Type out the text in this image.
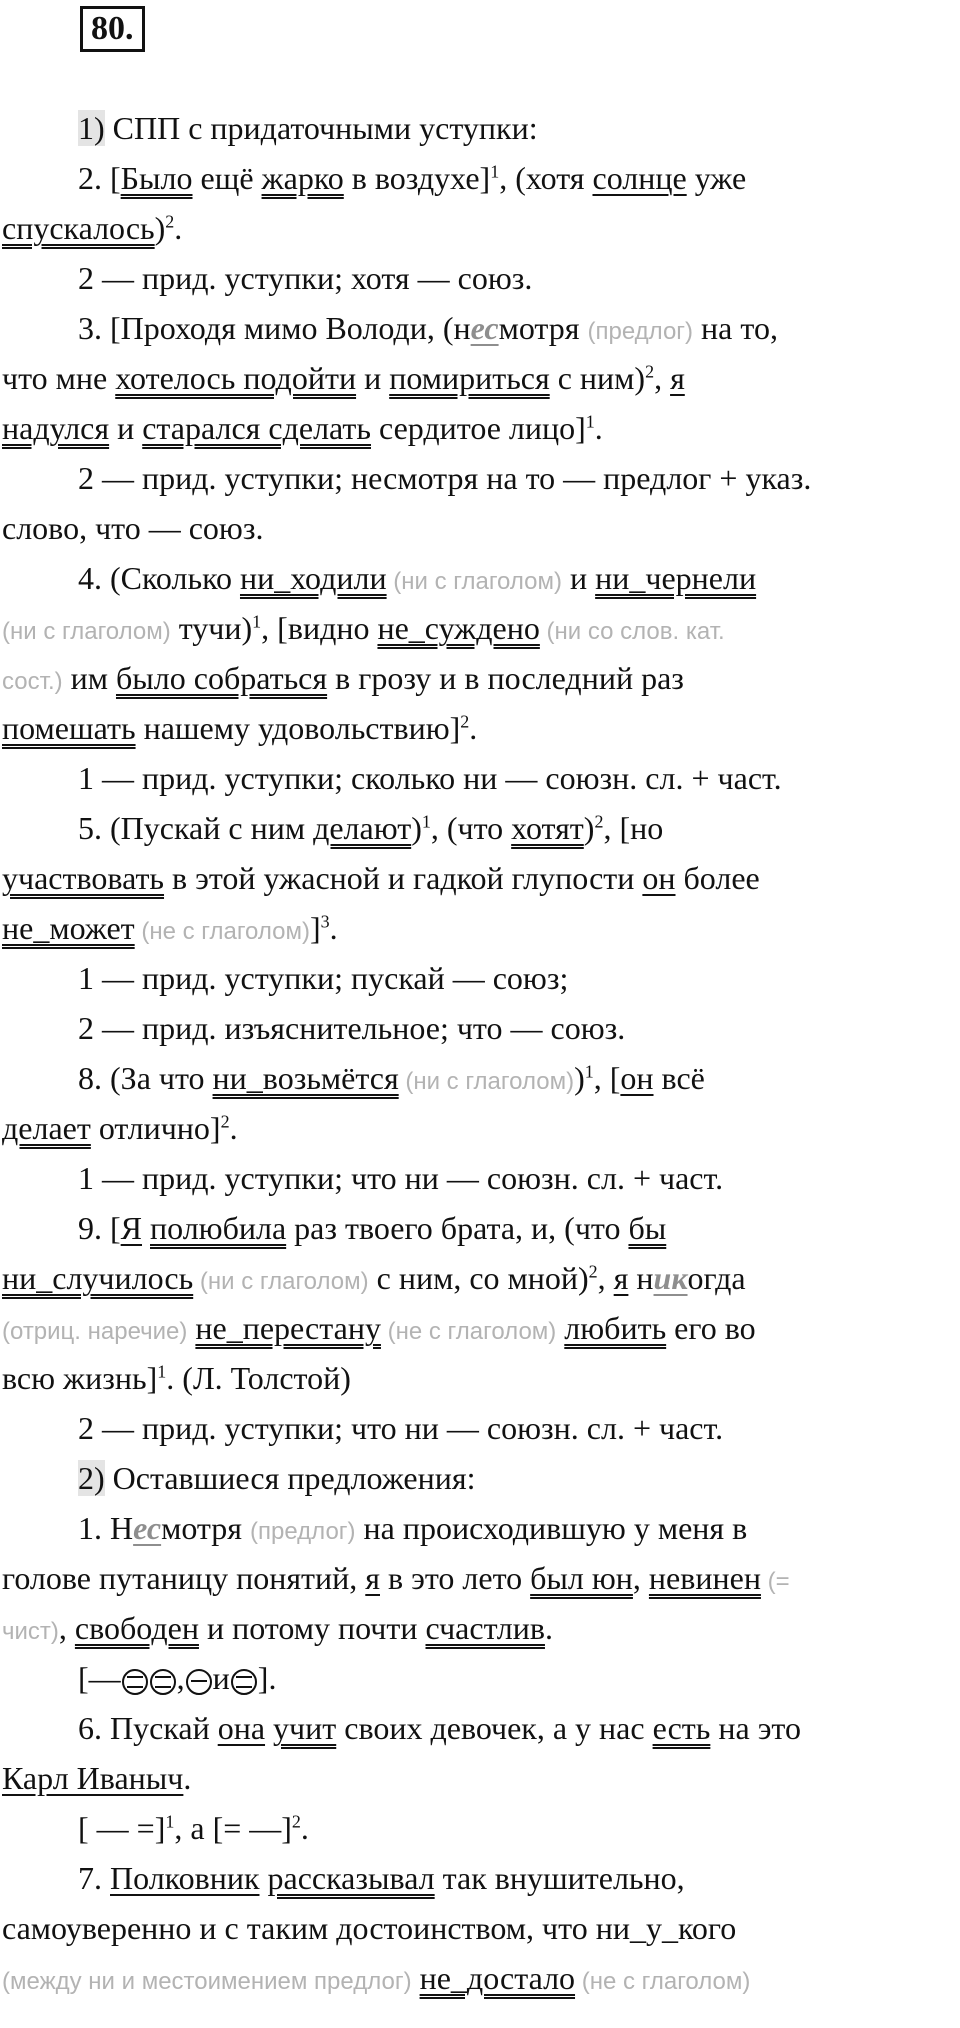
80.
1) СПП с придаточными уступки:
2. [Было ещё жарко в воздухе]$^1$, (хотя солнце уже
спускалось)$^2$.
2 — прид. уступки; хотя — союз.
3. [Проходя мимо Володи, (несмотря (предлог) на то,
что мне хотелось подойти и помириться с ним)$^2$, я
надулся и старался сделать сердитое лицо]$^1$.
2 — прид. уступки; несмотря на то — предлог + указ.
слово, что — союз.
4. (Сколько ни_ходили (ни с глаголом) и ни_чернели
(ни с глаголом) тучи)$^1$, [видно не_суждено (ни со слов. кат.
сост.) им было собраться в грозу и в последний раз
помешать нашему удовольствию]$^2$.
1 — прид. уступки; сколько ни — союзн. сл. + част.
5. (Пускай с ним делают)$^1$, (что хотят)$^2$, [но
участвовать в этой ужасной и гадкой глупости он более
не_может (не с глаголом)]$^3$.
1 — прид. уступки; пускай — союз;
2 — прид. изъяснительное; что — союз.
8. (За что ни_возьмётся (ни с глаголом))$^1$, [он всё
делает отлично]$^2$.
1 — прид. уступки; что ни — союзн. сл. + част.
9. [Я полюбила раз твоего брата, и, (что бы
ни_случилось (ни с глаголом) с ним, со мной)$^2$, я никогда
(отриц. наречие) не_перестану (не с глаголом) любить его во
всю жизнь]$^1$. (Л. Толстой)
2 — прид. уступки; что ни — союзн. сл. + част.
2) Оставшиеся предложения:
1. Несмотря (предлог) на происходившую у меня в
голове путаницу понятий, я в это лето был юн, невинен (=
чист), свободен и потому почти счастлив.
[— , и ].
6. Пускай она учит своих девочек, а у нас есть на это
Карл Иваныч.
[ — =]$^1$, а [= —]$^2$.
7. Полковник рассказывал так внушительно,
самоуверенно и с таким достоинством, что ни_у_кого
(между ни и местоимением предлог) не_достало (не с глаголом)
